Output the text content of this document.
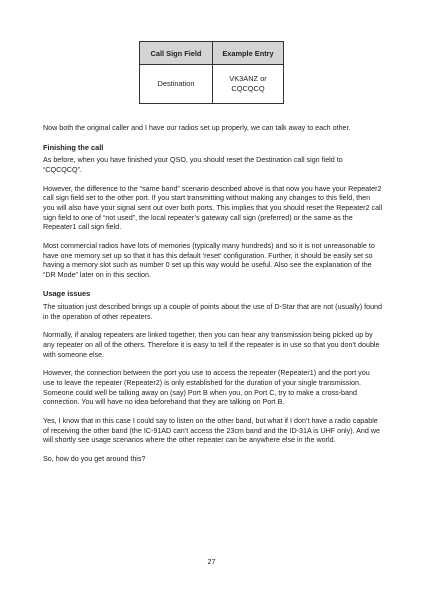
Call Sign Field	Example Entry
Destination	VK3ANZ or
CQCQCQ

Now both the original caller and I have our radios set up properly, we can talk away to each other.

Finishing the call

As before, when you have finished your QSO, you should reset the Destination call sign field to “CQCQCQ”.

However, the difference to the “same band” scenario described above is that now you have your Repeater2 call sign field set to the other port. If you start transmitting without making any changes to this field, then you will also have your signal sent out over both ports. This implies that you should reset the Repeater2 call sign field to one of “not used”, the local repeater’s gateway call sign (preferred) or the same as the Repeater1 call sign field.

Most commercial radios have lots of memories (typically many hundreds) and so it is not unreasonable to have one memory set up so that it has this default ‘reset’ configuration. Further, it should be easily set so having a memory slot such as number 0 set up this way would be useful. Also see the explanation of the “DR Mode” later on in this section.

Usage issues

The situation just described brings up a couple of points about the use of D-Star that are not (usually) found in the operation of other repeaters.

Normally, if analog repeaters are linked together, then you can hear any transmission being picked up by any repeater on all of the others. Therefore it is easy to tell if the repeater is in use so that you don’t double with someone else.

However, the connection between the port you use to access the repeater (Repeater1) and the port you use to leave the repeater (Repeater2) is only established for the duration of your single transmission. Someone could well be talking away on (say) Port B when you, on Port C, try to make a cross-band connection. You will have no idea beforehand that they are talking on Port B.

Yes, I know that in this case I could say to listen on the other band, but what if I don’t have a radio capable of receiving the other band (the IC-91AD can’t access the 23cm band and the ID-31A is UHF only). And we will shortly see usage scenarios where the other repeater can be anywhere else in the world.

So, how do you get around this?

27
